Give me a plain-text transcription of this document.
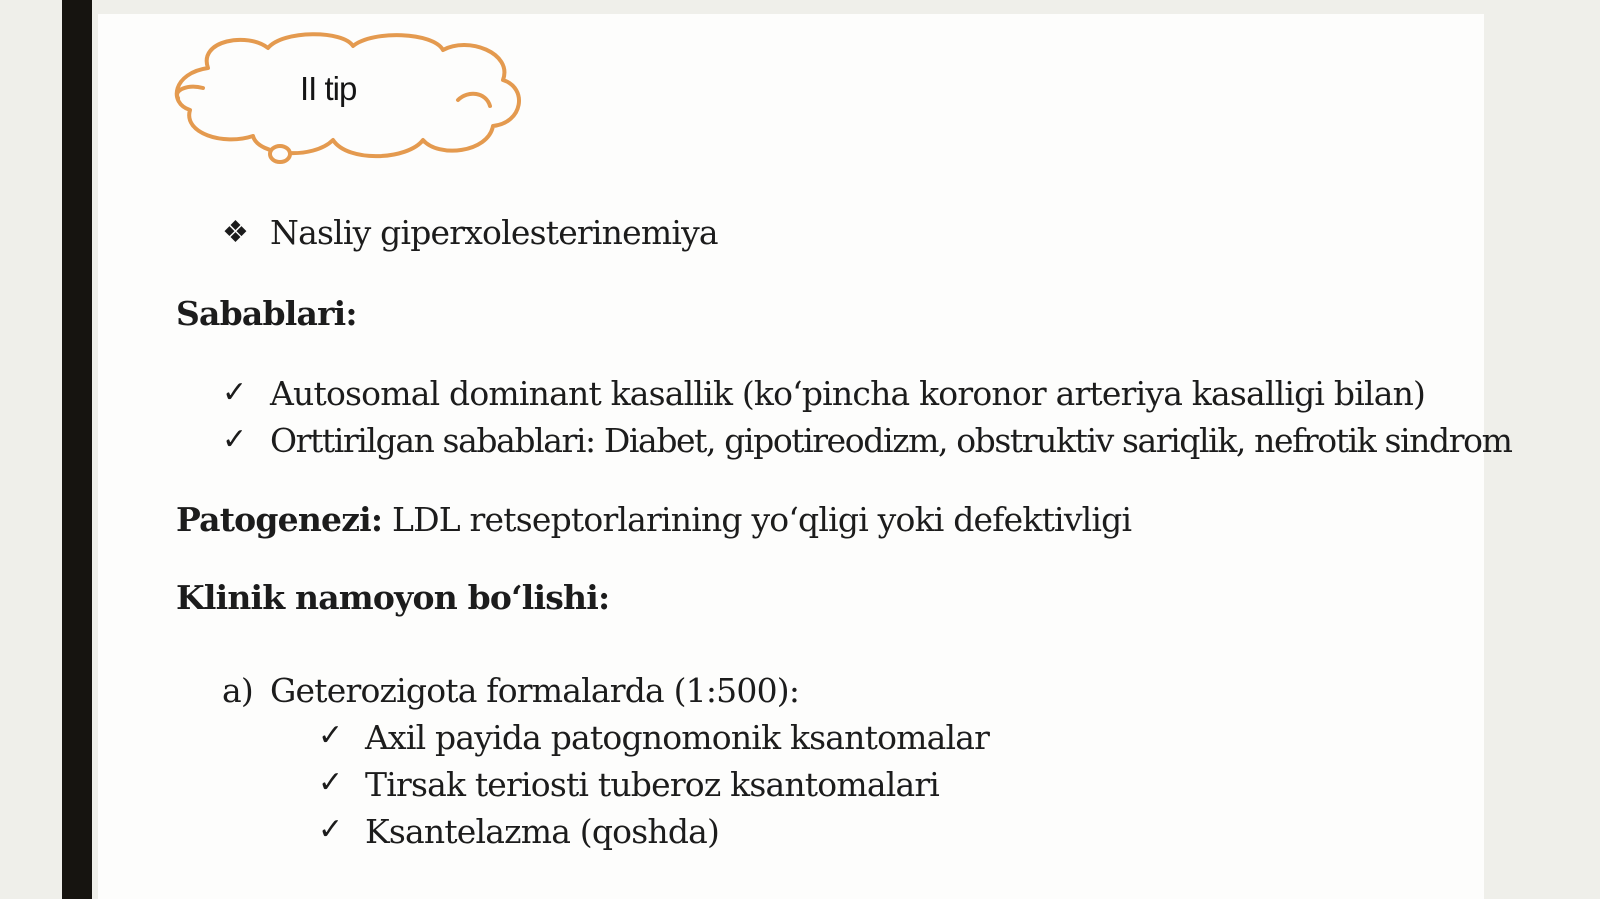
II tip
❖ Nasliy giperxolesterinemiya
Sabablari:
✓ Autosomal dominant kasallik (koʻpincha koronor arteriya kasalligi bilan)
✓ Orttirilgan sabablari: Diabet, gipotireodizm, obstruktiv sariqlik, nefrotik sindrom
Patogenezi: LDL retseptorlarining yoʻqligi yoki defektivligi
Klinik namoyon boʻlishi:
a) Geterozigota formalarda (1:500):
✓ Axil payida patognomonik ksantomalar
✓ Tirsak teriosti tuberoz ksantomalari
✓ Ksantelazma (qoshda)
